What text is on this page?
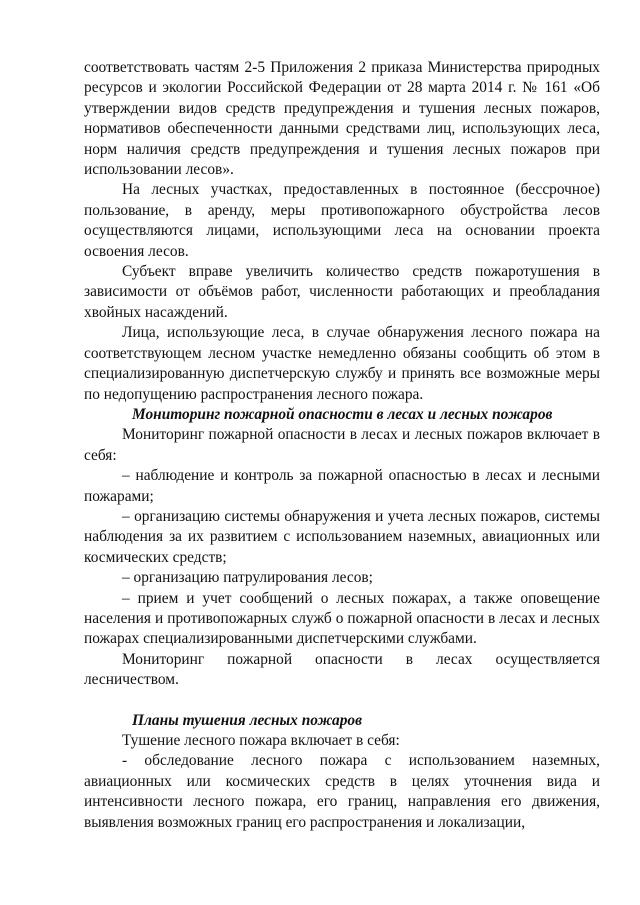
соответствовать частям 2-5 Приложения 2 приказа Министерства природных ресурсов и экологии Российской Федерации от 28 марта 2014 г. № 161 «Об утверждении видов средств предупреждения и тушения лесных пожаров, нормативов обеспеченности данными средствами лиц, использующих леса, норм наличия средств предупреждения и тушения лесных пожаров при использовании лесов».

На лесных участках, предоставленных в постоянное (бессрочное) пользование, в аренду, меры противопожарного обустройства лесов осуществляются лицами, использующими леса на основании проекта освоения лесов.

Субъект вправе увеличить количество средств пожаротушения в зависимости от объёмов работ, численности работающих и преобладания хвойных насаждений.

Лица, использующие леса, в случае обнаружения лесного пожара на соответствующем лесном участке немедленно обязаны сообщить об этом в специализированную диспетчерскую службу и принять все возможные меры по недопущению распространения лесного пожара.

Мониторинг пожарной опасности в лесах и лесных пожаров

Мониторинг пожарной опасности в лесах и лесных пожаров включает в себя:

– наблюдение и контроль за пожарной опасностью в лесах и лесными пожарами;

– организацию системы обнаружения и учета лесных пожаров, системы наблюдения за их развитием с использованием наземных, авиационных или космических средств;

– организацию патрулирования лесов;

– прием и учет сообщений о лесных пожарах, а также оповещение населения и противопожарных служб о пожарной опасности в лесах и лесных пожарах специализированными диспетчерскими службами.

Мониторинг пожарной опасности в лесах осуществляется лесничеством.

Планы тушения лесных пожаров

Тушение лесного пожара включает в себя:

- обследование лесного пожара с использованием наземных, авиационных или космических средств в целях уточнения вида и интенсивности лесного пожара, его границ, направления его движения, выявления возможных границ его распространения и локализации,
